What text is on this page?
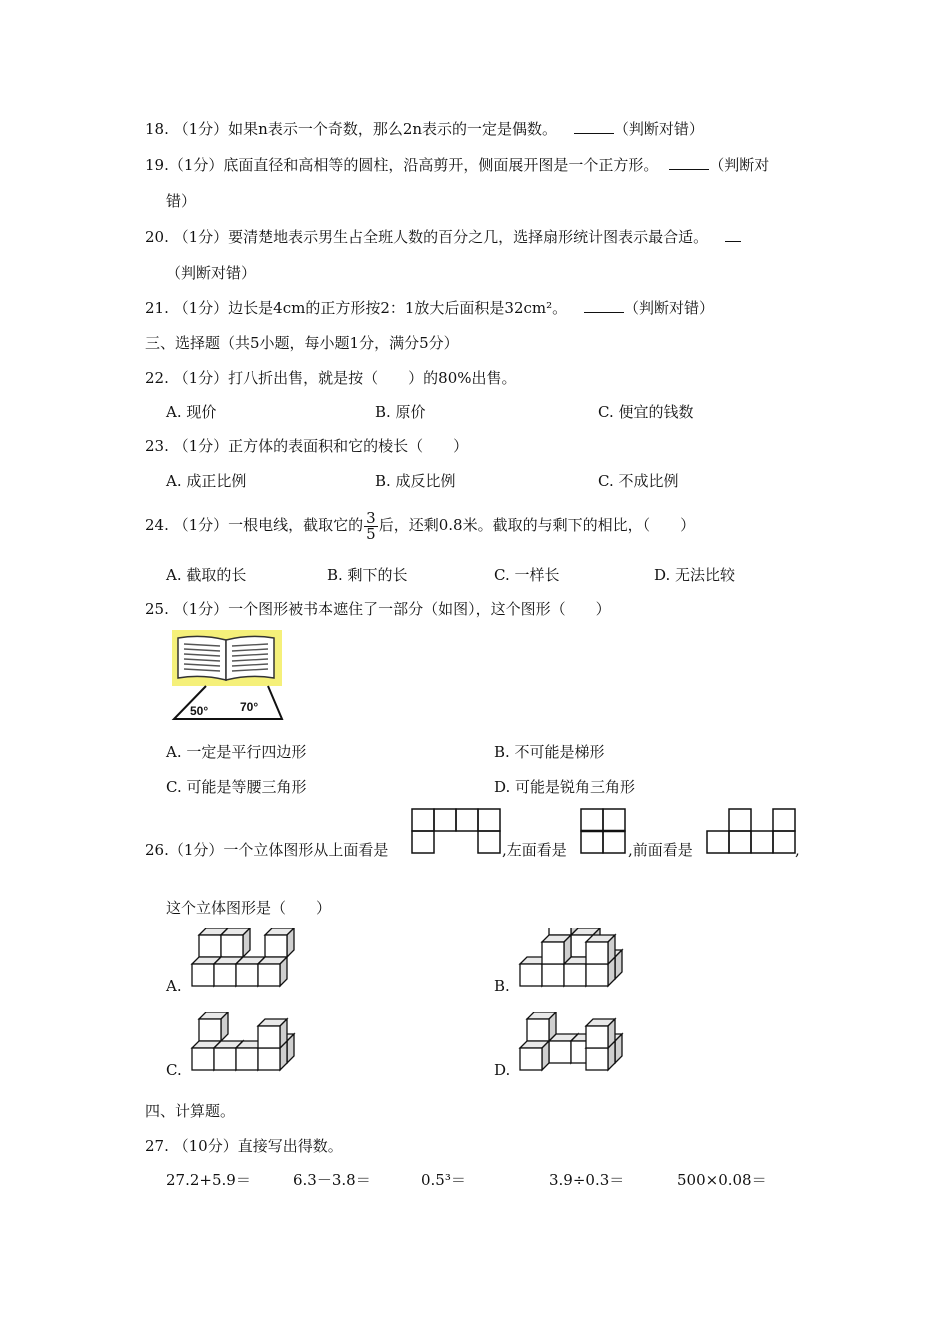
18. （1分）如果n表示一个奇数，那么2n表示的一定是偶数。	（判断对错）
19.（1分）底面直径和高相等的圆柱，沿高剪开，侧面展开图是一个正方形。	（判断对
错）
20. （1分）要清楚地表示男生占全班人数的百分之几，选择扇形统计图表示最合适。
（判断对错）
21. （1分）边长是4cm的正方形按2：1放大后面积是32cm²。	（判断对错）
三、选择题（共5小题，每小题1分，满分5分）
22. （1分）打八折出售，就是按（　　）的80%出售。
A. 现价	B. 原价	C. 便宜的钱数
23. （1分）正方体的表面积和它的棱长（　　）
A. 成正比例	B. 成反比例	C. 不成比例
24. （1分）一根电线，截取它的 $\frac{3}{5}$ 后，还剩0.8米。截取的与剩下的相比，（　　）
A. 截取的长	B. 剩下的长	C. 一样长	D. 无法比较
25. （1分）一个图形被书本遮住了一部分（如图），这个图形（　　）
50°	70°
A. 一定是平行四边形	B. 不可能是梯形
C. 可能是等腰三角形	D. 可能是锐角三角形
26.（1分）一个立体图形从上面看是	,左面看是	,前面看是	,
这个立体图形是（　　）
A.	B.
C.	D.
四、计算题。
27. （10分）直接写出得数。
27.2+5.9＝	6.3－3.8＝	0.5³＝	3.9÷0.3＝	500×0.08＝
